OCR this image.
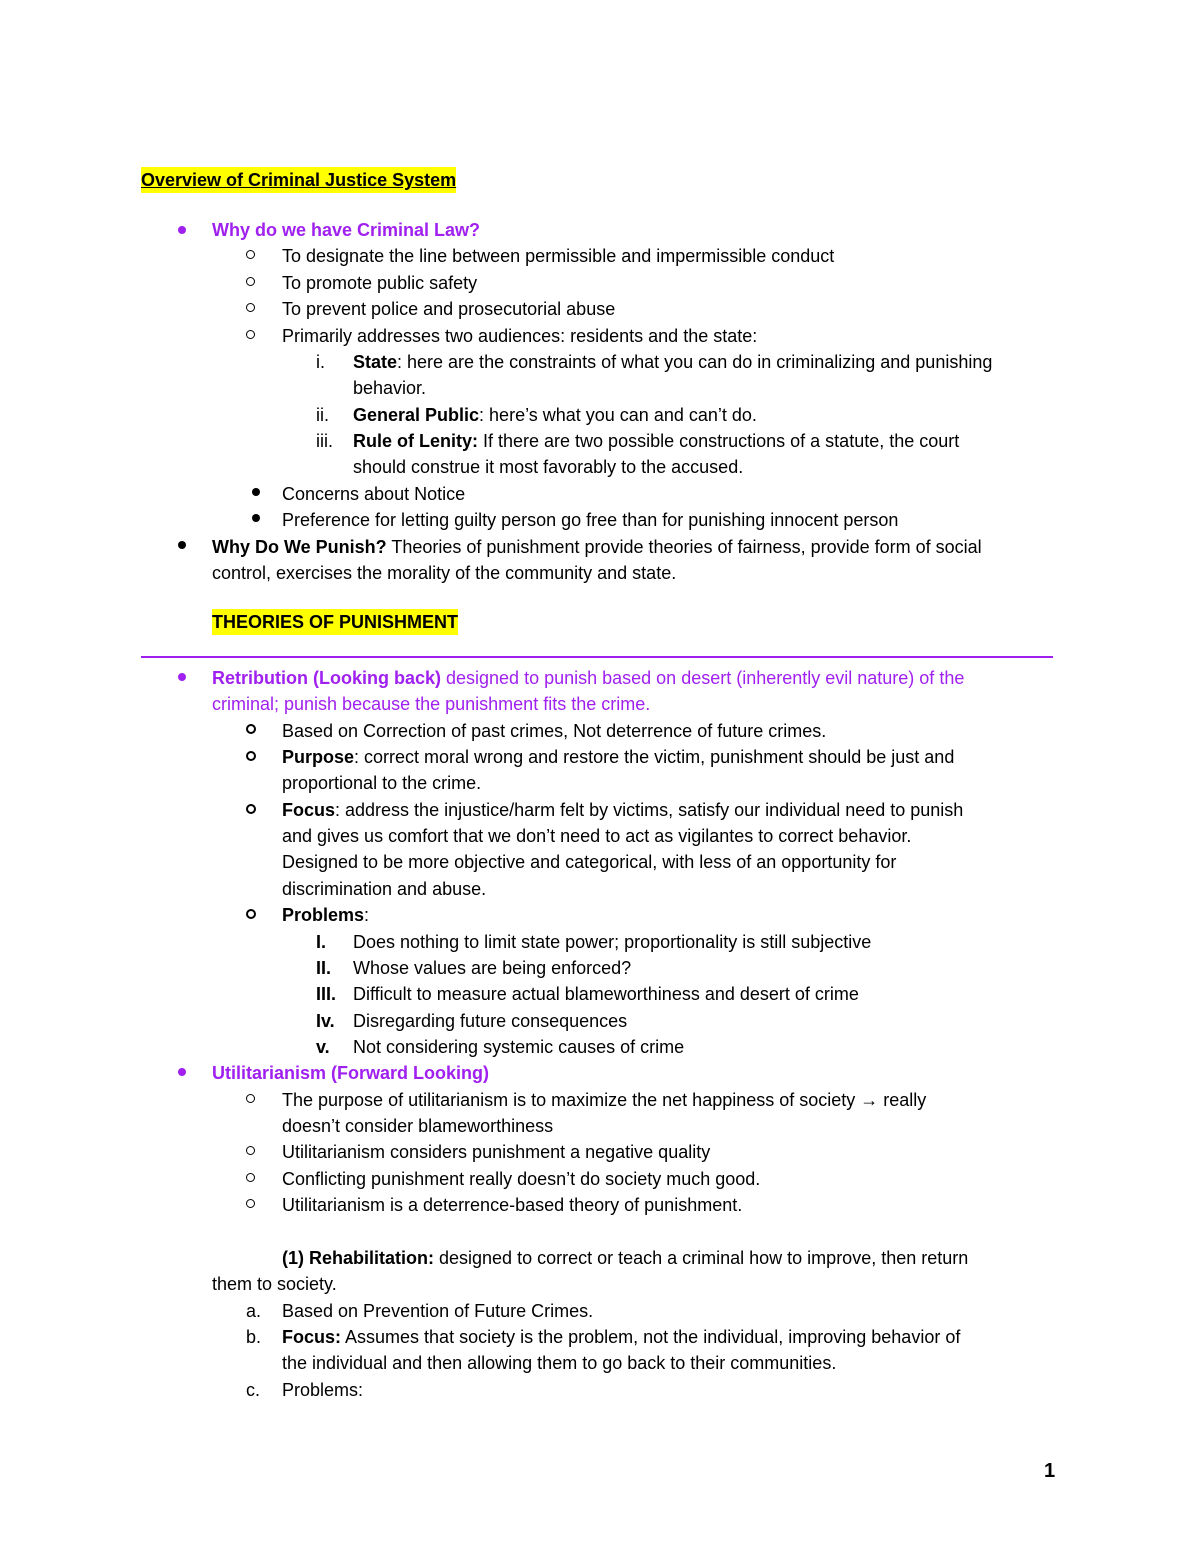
Overview of Criminal Justice System
Why do we have Criminal Law?
To designate the line between permissible and impermissible conduct
To promote public safety
To prevent police and prosecutorial abuse
Primarily addresses two audiences: residents and the state:
i.	State: here are the constraints of what you can do in criminalizing and punishing
behavior.
ii.	General Public: here’s what you can and can’t do.
iii.	Rule of Lenity: If there are two possible constructions of a statute, the court
should construe it most favorably to the accused.
Concerns about Notice
Preference for letting guilty person go free than for punishing innocent person
Why Do We Punish? Theories of punishment provide theories of fairness, provide form of social
control, exercises the morality of the community and state.
THEORIES OF PUNISHMENT
Retribution (Looking back) designed to punish based on desert (inherently evil nature) of the
criminal; punish because the punishment fits the crime.
Based on Correction of past crimes, Not deterrence of future crimes.
Purpose: correct moral wrong and restore the victim, punishment should be just and
proportional to the crime.
Focus: address the injustice/harm felt by victims, satisfy our individual need to punish
and gives us comfort that we don’t need to act as vigilantes to correct behavior.
Designed to be more objective and categorical, with less of an opportunity for
discrimination and abuse.
Problems:
I.	Does nothing to limit state power; proportionality is still subjective
II.	Whose values are being enforced?
III. Difficult to measure actual blameworthiness and desert of crime
Iv.	Disregarding future consequences
v.	Not considering systemic causes of crime
Utilitarianism (Forward Looking)
The purpose of utilitarianism is to maximize the net happiness of society → really
doesn’t consider blameworthiness
Utilitarianism considers punishment a negative quality
Conflicting punishment really doesn’t do society much good.
Utilitarianism is a deterrence-based theory of punishment.
(1) Rehabilitation: designed to correct or teach a criminal how to improve, then return
them to society.
a.	Based on Prevention of Future Crimes.
b.	Focus: Assumes that society is the problem, not the individual, improving behavior of
the individual and then allowing them to go back to their communities.
c.	Problems:
1
